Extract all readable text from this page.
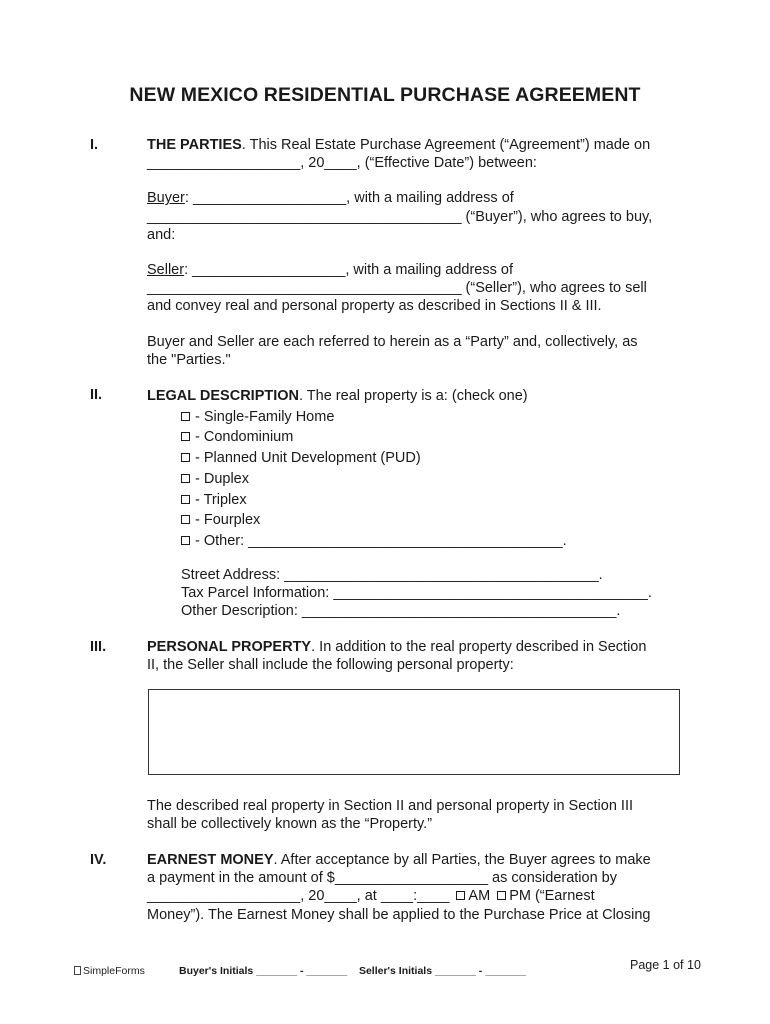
NEW MEXICO RESIDENTIAL PURCHASE AGREEMENT
I.	THE PARTIES. This Real Estate Purchase Agreement (“Agreement”) made on
___________________, 20____, (“Effective Date”) between:
Buyer: ___________________, with a mailing address of
_______________________________________ (“Buyer”), who agrees to buy,
and:
Seller: ___________________, with a mailing address of
_______________________________________ (“Seller”), who agrees to sell
and convey real and personal property as described in Sections II & III.
Buyer and Seller are each referred to herein as a “Party” and, collectively, as
the "Parties."
II.	LEGAL DESCRIPTION. The real property is a: (check one)
- Single-Family Home
- Condominium
- Planned Unit Development (PUD)
- Duplex
- Triplex
- Fourplex
- Other: _______________________________________.
Street Address: _______________________________________.
Tax Parcel Information: _______________________________________.
Other Description: _______________________________________.
III.	PERSONAL PROPERTY. In addition to the real property described in Section
II, the Seller shall include the following personal property:
The described real property in Section II and personal property in Section III
shall be collectively known as the “Property.”
IV.	EARNEST MONEY. After acceptance by all Parties, the Buyer agrees to make
a payment in the amount of $___________________ as consideration by
___________________, 20____, at ____:____ AM PM (“Earnest
Money”). The Earnest Money shall be applied to the Purchase Price at Closing
SimpleForms	Buyer's Initials _______ - _______ Seller's Initials _______ - _______	Page 1 of 10
